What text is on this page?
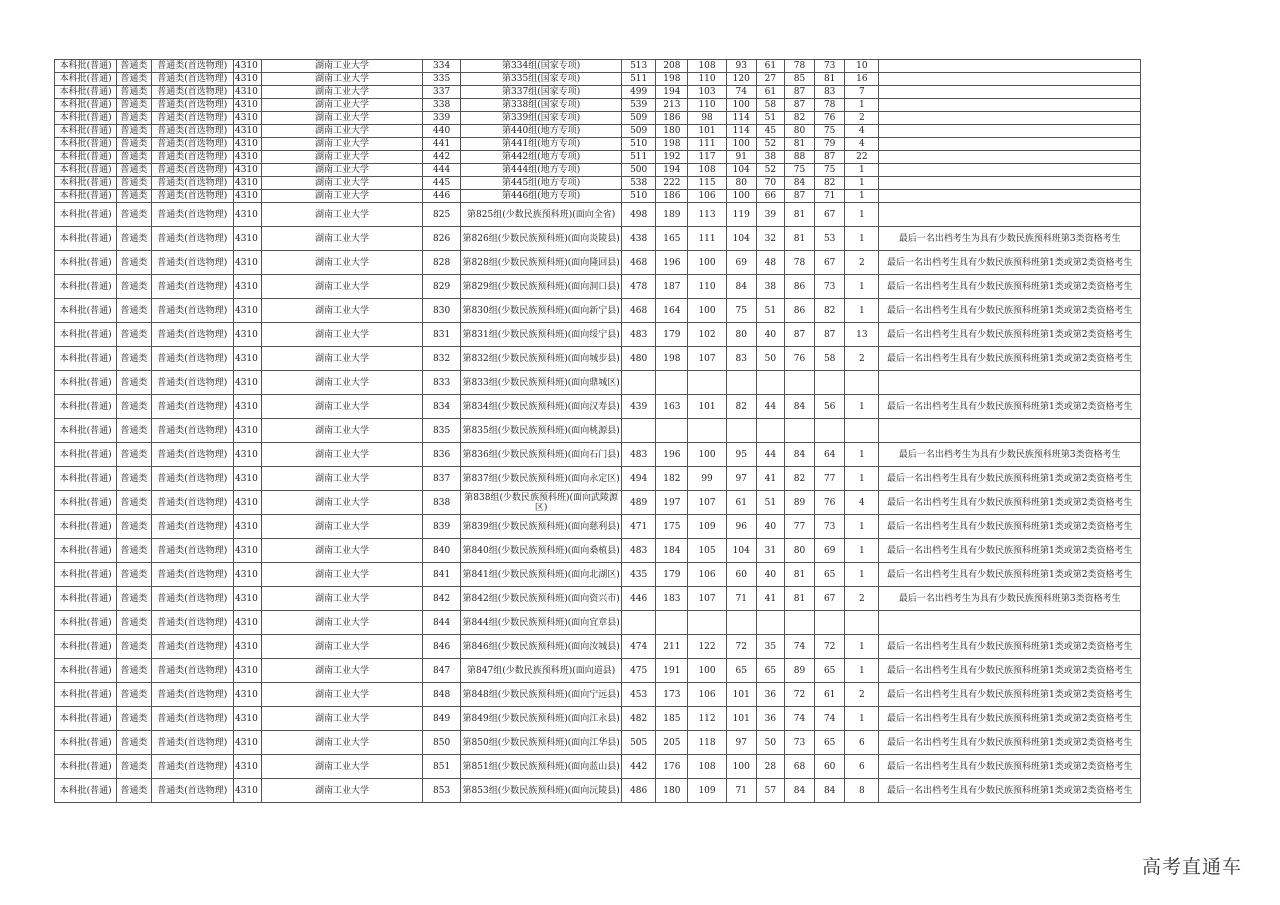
本科批(普通)	普通类	普通类(首选物理)	4310	湖南工业大学	334	第334组(国家专项)	513	208	108	93	61	78	73	10	
本科批(普通)	普通类	普通类(首选物理)	4310	湖南工业大学	335	第335组(国家专项)	511	198	110	120	27	85	81	16	
本科批(普通)	普通类	普通类(首选物理)	4310	湖南工业大学	337	第337组(国家专项)	499	194	103	74	61	87	83	7	
本科批(普通)	普通类	普通类(首选物理)	4310	湖南工业大学	338	第338组(国家专项)	539	213	110	100	58	87	78	1	
本科批(普通)	普通类	普通类(首选物理)	4310	湖南工业大学	339	第339组(国家专项)	509	186	98	114	51	82	76	2	
本科批(普通)	普通类	普通类(首选物理)	4310	湖南工业大学	440	第440组(地方专项)	509	180	101	114	45	80	75	4	
本科批(普通)	普通类	普通类(首选物理)	4310	湖南工业大学	441	第441组(地方专项)	510	198	111	100	52	81	79	4	
本科批(普通)	普通类	普通类(首选物理)	4310	湖南工业大学	442	第442组(地方专项)	511	192	117	91	38	88	87	22	
本科批(普通)	普通类	普通类(首选物理)	4310	湖南工业大学	444	第444组(地方专项)	500	194	108	104	52	75	75	1	
本科批(普通)	普通类	普通类(首选物理)	4310	湖南工业大学	445	第445组(地方专项)	538	222	115	80	70	84	82	1	
本科批(普通)	普通类	普通类(首选物理)	4310	湖南工业大学	446	第446组(地方专项)	510	186	106	100	66	87	71	1	
本科批(普通)	普通类	普通类(首选物理)	4310	湖南工业大学	825	第825组(少数民族预科班)(面向全省)	498	189	113	119	39	81	67	1	
本科批(普通)	普通类	普通类(首选物理)	4310	湖南工业大学	826	第826组(少数民族预科班)(面向炎陵县)	438	165	111	104	32	81	53	1	最后一名出档考生为具有少数民族预科班第3类资格考生
本科批(普通)	普通类	普通类(首选物理)	4310	湖南工业大学	828	第828组(少数民族预科班)(面向隆回县)	468	196	100	69	48	78	67	2	最后一名出档考生具有少数民族预科班第1类或第2类资格考生
本科批(普通)	普通类	普通类(首选物理)	4310	湖南工业大学	829	第829组(少数民族预科班)(面向洞口县)	478	187	110	84	38	86	73	1	最后一名出档考生具有少数民族预科班第1类或第2类资格考生
本科批(普通)	普通类	普通类(首选物理)	4310	湖南工业大学	830	第830组(少数民族预科班)(面向新宁县)	468	164	100	75	51	86	82	1	最后一名出档考生具有少数民族预科班第1类或第2类资格考生
本科批(普通)	普通类	普通类(首选物理)	4310	湖南工业大学	831	第831组(少数民族预科班)(面向绥宁县)	483	179	102	80	40	87	87	13	最后一名出档考生具有少数民族预科班第1类或第2类资格考生
本科批(普通)	普通类	普通类(首选物理)	4310	湖南工业大学	832	第832组(少数民族预科班)(面向城步县)	480	198	107	83	50	76	58	2	最后一名出档考生具有少数民族预科班第1类或第2类资格考生
本科批(普通)	普通类	普通类(首选物理)	4310	湖南工业大学	833	第833组(少数民族预科班)(面向鼎城区)									
本科批(普通)	普通类	普通类(首选物理)	4310	湖南工业大学	834	第834组(少数民族预科班)(面向汉寿县)	439	163	101	82	44	84	56	1	最后一名出档考生具有少数民族预科班第1类或第2类资格考生
本科批(普通)	普通类	普通类(首选物理)	4310	湖南工业大学	835	第835组(少数民族预科班)(面向桃源县)									
本科批(普通)	普通类	普通类(首选物理)	4310	湖南工业大学	836	第836组(少数民族预科班)(面向石门县)	483	196	100	95	44	84	64	1	最后一名出档考生为具有少数民族预科班第3类资格考生
本科批(普通)	普通类	普通类(首选物理)	4310	湖南工业大学	837	第837组(少数民族预科班)(面向永定区)	494	182	99	97	41	82	77	1	最后一名出档考生具有少数民族预科班第1类或第2类资格考生
本科批(普通)	普通类	普通类(首选物理)	4310	湖南工业大学	838	第838组(少数民族预科班)(面向武陵源区)	489	197	107	61	51	89	76	4	最后一名出档考生具有少数民族预科班第1类或第2类资格考生
本科批(普通)	普通类	普通类(首选物理)	4310	湖南工业大学	839	第839组(少数民族预科班)(面向慈利县)	471	175	109	96	40	77	73	1	最后一名出档考生具有少数民族预科班第1类或第2类资格考生
本科批(普通)	普通类	普通类(首选物理)	4310	湖南工业大学	840	第840组(少数民族预科班)(面向桑植县)	483	184	105	104	31	80	69	1	最后一名出档考生具有少数民族预科班第1类或第2类资格考生
本科批(普通)	普通类	普通类(首选物理)	4310	湖南工业大学	841	第841组(少数民族预科班)(面向北湖区)	435	179	106	60	40	81	65	1	最后一名出档考生具有少数民族预科班第1类或第2类资格考生
本科批(普通)	普通类	普通类(首选物理)	4310	湖南工业大学	842	第842组(少数民族预科班)(面向资兴市)	446	183	107	71	41	81	67	2	最后一名出档考生为具有少数民族预科班第3类资格考生
本科批(普通)	普通类	普通类(首选物理)	4310	湖南工业大学	844	第844组(少数民族预科班)(面向宜章县)									
本科批(普通)	普通类	普通类(首选物理)	4310	湖南工业大学	846	第846组(少数民族预科班)(面向汝城县)	474	211	122	72	35	74	72	1	最后一名出档考生具有少数民族预科班第1类或第2类资格考生
本科批(普通)	普通类	普通类(首选物理)	4310	湖南工业大学	847	第847组(少数民族预科班)(面向道县)	475	191	100	65	65	89	65	1	最后一名出档考生具有少数民族预科班第1类或第2类资格考生
本科批(普通)	普通类	普通类(首选物理)	4310	湖南工业大学	848	第848组(少数民族预科班)(面向宁远县)	453	173	106	101	36	72	61	2	最后一名出档考生具有少数民族预科班第1类或第2类资格考生
本科批(普通)	普通类	普通类(首选物理)	4310	湖南工业大学	849	第849组(少数民族预科班)(面向江永县)	482	185	112	101	36	74	74	1	最后一名出档考生具有少数民族预科班第1类或第2类资格考生
本科批(普通)	普通类	普通类(首选物理)	4310	湖南工业大学	850	第850组(少数民族预科班)(面向江华县)	505	205	118	97	50	73	65	6	最后一名出档考生具有少数民族预科班第1类或第2类资格考生
本科批(普通)	普通类	普通类(首选物理)	4310	湖南工业大学	851	第851组(少数民族预科班)(面向蓝山县)	442	176	108	100	28	68	60	6	最后一名出档考生具有少数民族预科班第1类或第2类资格考生
本科批(普通)	普通类	普通类(首选物理)	4310	湖南工业大学	853	第853组(少数民族预科班)(面向沅陵县)	486	180	109	71	57	84	84	8	最后一名出档考生具有少数民族预科班第1类或第2类资格考生
高考直通车
